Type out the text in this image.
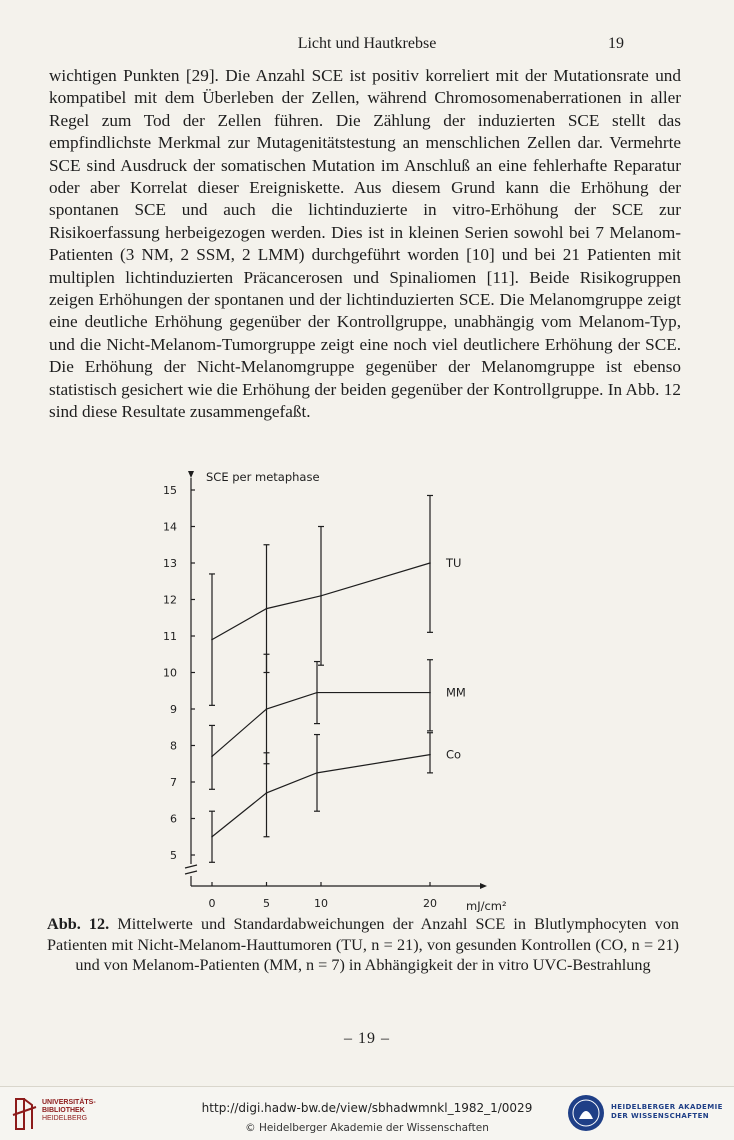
Licht und Hautkrebse	19

wichtigen Punkten [29]. Die Anzahl SCE ist positiv korreliert mit der Mutationsrate und kompatibel mit dem Überleben der Zellen, während Chromosomenaberrationen in aller Regel zum Tod der Zellen führen. Die Zählung der induzierten SCE stellt das empfindlichste Merkmal zur Mutagenitätstestung an menschlichen Zellen dar. Vermehrte SCE sind Ausdruck der somatischen Mutation im Anschluß an eine fehlerhafte Reparatur oder aber Korrelat dieser Ereigniskette. Aus diesem Grund kann die Erhöhung der spontanen SCE und auch die lichtinduzierte in vitro-Erhöhung der SCE zur Risikoerfassung herbeigezogen werden. Dies ist in kleinen Serien sowohl bei 7 Melanom-Patienten (3 NM, 2 SSM, 2 LMM) durchgeführt worden [10] und bei 21 Patienten mit multiplen lichtinduzierten Präcancerosen und Spinaliomen [11]. Beide Risikogruppen zeigen Erhöhungen der spontanen und der lichtinduzierten SCE. Die Melanomgruppe zeigt eine deutliche Erhöhung gegenüber der Kontrollgruppe, unabhängig vom Melanom-Typ, und die Nicht-Melanom-Tumorgruppe zeigt eine noch viel deutlichere Erhöhung der SCE. Die Erhöhung der Nicht-Melanomgruppe gegenüber der Melanomgruppe ist ebenso statistisch gesichert wie die Erhöhung der beiden gegenüber der Kontrollgruppe. In Abb. 12 sind diese Resultate zusammengefaßt.

5
6
7
8
9
10
11
12
13
14
15
0	5	10	20
TU
MM
Co
SCE per metaphase
mJ/cm²

Abb. 12. Mittelwerte und Standardabweichungen der Anzahl SCE in Blutlymphocyten von Patienten mit Nicht-Melanom-Hauttumoren (TU, n = 21), von gesunden Kontrollen (CO, n = 21) und von Melanom-Patienten (MM, n = 7) in Abhängigkeit der in vitro UVC-Bestrahlung

– 19 –
UNIVERSITÄTS-
BIBLIOTHEK
HEIDELBERG
http://digi.hadw-bw.de/view/sbhadwmnkl_1982_1/0029
© Heidelberger Akademie der Wissenschaften
HEIDELBERGER AKADEMIE
DER WISSENSCHAFTEN
